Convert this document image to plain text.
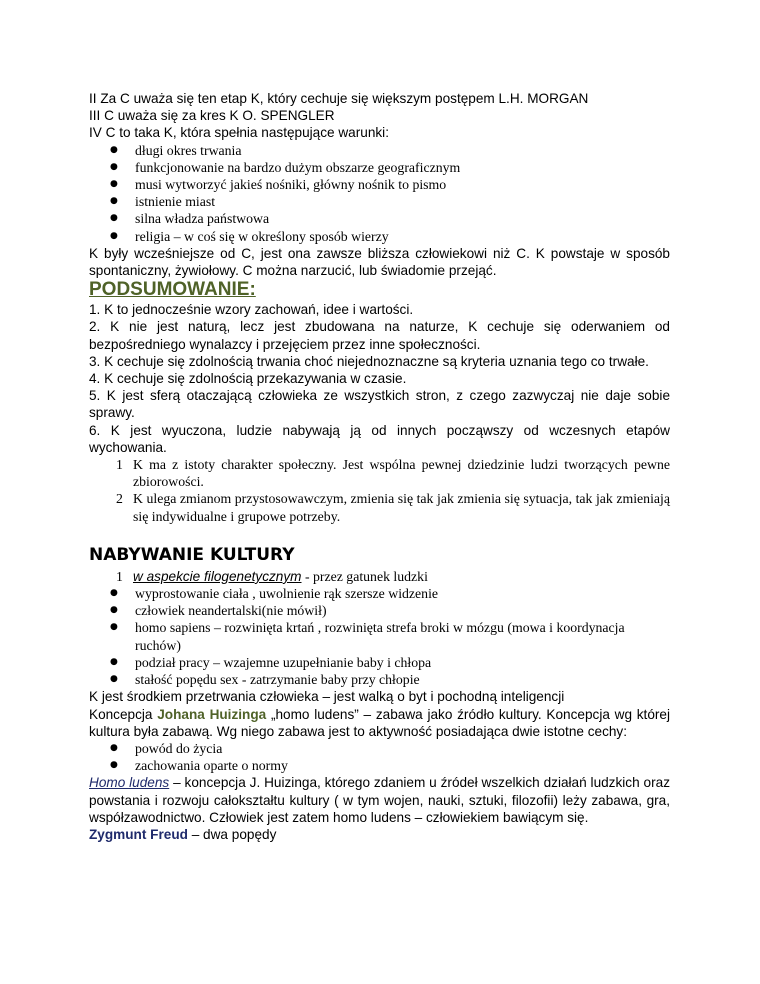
II Za C uważa się ten etap K, który cechuje się większym postępem L.H. MORGAN

III C uważa się za kres K O. SPENGLER

IV C to taka K, która spełnia następujące warunki:

● długi okres trwania
● funkcjonowanie na bardzo dużym obszarze geograficznym
● musi wytworzyć jakieś nośniki, główny nośnik to pismo
● istnienie miast
● silna władza państwowa
● religia – w coś się w określony sposób wierzy

K były wcześniejsze od C, jest ona zawsze bliższa człowiekowi niż C. K powstaje w sposób spontaniczny, żywiołowy. C można narzucić, lub świadomie przejąć.

PODSUMOWANIE:

1. K to jednocześnie wzory zachowań, idee i wartości.

2. K nie jest naturą, lecz jest zbudowana na naturze, K cechuje się oderwaniem od bezpośredniego wynalazcy i przejęciem przez inne społeczności.

3. K cechuje się zdolnością trwania choć niejednoznaczne są kryteria uznania tego co trwałe.

4. K cechuje się zdolnością przekazywania w czasie.

5. K jest sferą otaczającą człowieka ze wszystkich stron, z czego zazwyczaj nie daje sobie sprawy.

6. K jest wyuczona, ludzie nabywają ją od innych począwszy od wczesnych etapów wychowania.

1 K ma z istoty charakter społeczny. Jest wspólna pewnej dziedzinie ludzi tworzących pewne zbiorowości.
2 K ulega zmianom przystosowawczym, zmienia się tak jak zmienia się sytuacja, tak jak zmieniają się indywidualne i grupowe potrzeby.
NABYWANIE KULTURY
1 w aspekcie filogenetycznym - przez gatunek ludzki
● wyprostowanie ciała , uwolnienie rąk szersze widzenie
● człowiek neandertalski(nie mówił)
● homo sapiens – rozwinięta krtań , rozwinięta strefa broki w mózgu (mowa i koordynacja ruchów)
● podział pracy – wzajemne uzupełnianie baby i chłopa
● stałość popędu sex - zatrzymanie baby przy chłopie

K jest środkiem przetrwania człowieka – jest walką o byt i pochodną inteligencji

Koncepcja Johana Huizinga „homo ludens” – zabawa jako źródło kultury. Koncepcja wg której kultura była zabawą. Wg niego zabawa jest to aktywność posiadająca dwie istotne cechy:

● powód do życia
● zachowania oparte o normy

Homo ludens – koncepcja J. Huizinga, którego zdaniem u źródeł wszelkich działań ludzkich oraz powstania i rozwoju całokształtu kultury ( w tym wojen, nauki, sztuki, filozofii) leży zabawa, gra, współzawodnictwo. Człowiek jest zatem homo ludens – człowiekiem bawiącym się.

Zygmunt Freud – dwa popędy
